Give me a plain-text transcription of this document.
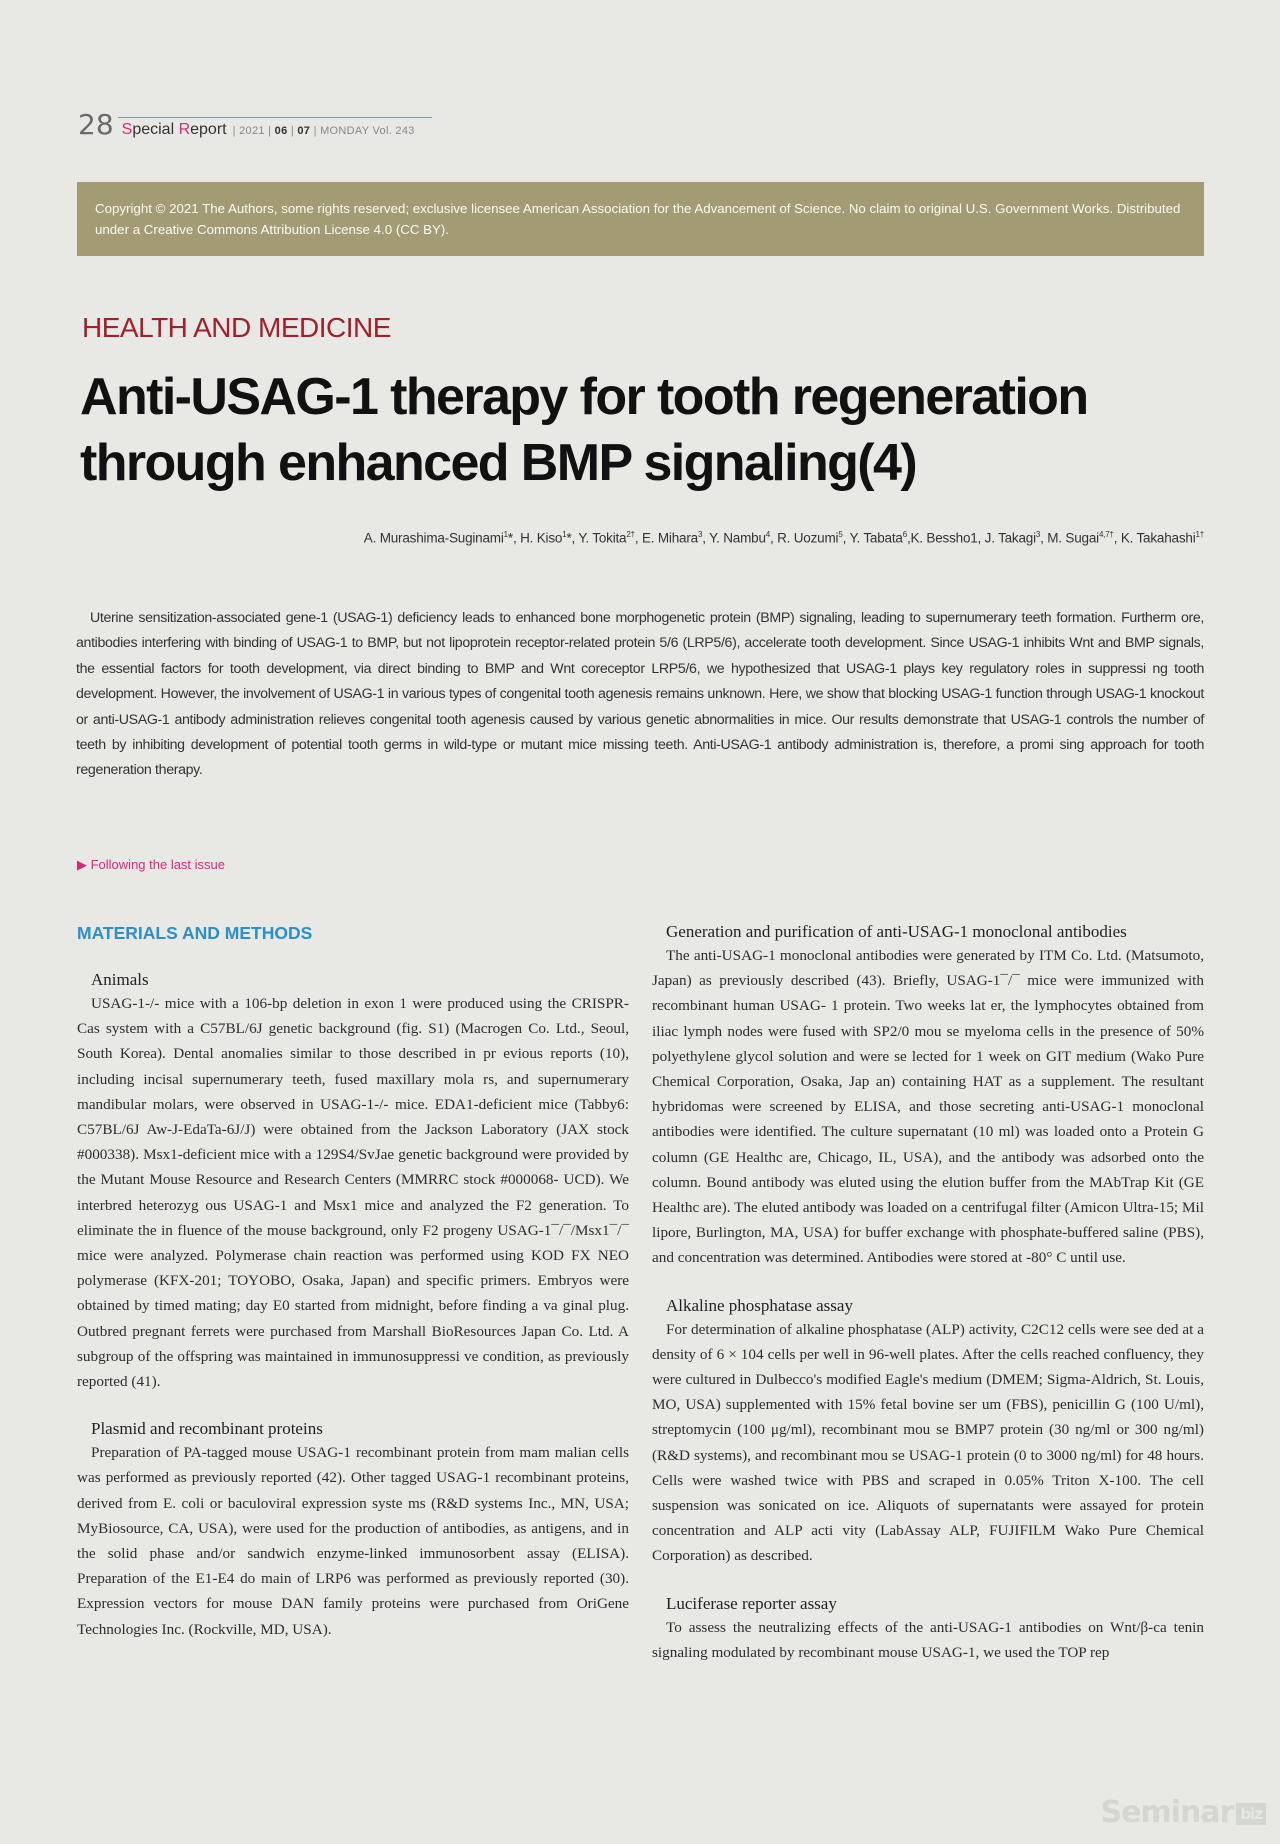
28 Special Report | 2021 | 06 | 07 | MONDAY Vol. 243
Copyright © 2021 The Authors, some rights reserved; exclusive licensee American Association for the Advancement of Science. No claim to original U.S. Government Works. Distributed under a Creative Commons Attribution License 4.0 (CC BY).
HEALTH AND MEDICINE
Anti-USAG-1 therapy for tooth regeneration through enhanced BMP signaling(4)
A. Murashima-Suginami$^1$*, H. Kiso$^1$*, Y. Tokita$^{2\dagger}$, E. Mihara$^3$, Y. Nambu$^4$, R. Uozumi$^5$, Y. Tabata$^6$,K. Bessho1, J. Takagi$^3$, M. Sugai$^{4,7\dagger}$, K. Takahashi$^{1\dagger}$
Uterine sensitization-associated gene-1 (USAG-1) deficiency leads to enhanced bone morphogenetic protein (BMP) signaling, leading to supernumerary teeth formation. Furtherm ore, antibodies interfering with binding of USAG-1 to BMP, but not lipoprotein receptor-related protein 5/6 (LRP5/6), accelerate tooth development. Since USAG-1 inhibits Wnt and BMP signals, the essential factors for tooth development, via direct binding to BMP and Wnt coreceptor LRP5/6, we hypothesized that USAG-1 plays key regulatory roles in suppressi ng tooth development. However, the involvement of USAG-1 in various types of congenital tooth agenesis remains unknown. Here, we show that blocking USAG-1 function through USAG-1 knockout or anti-USAG-1 antibody administration relieves congenital tooth agenesis caused by various genetic abnormalities in mice. Our results demonstrate that USAG-1 controls the number of teeth by inhibiting development of potential tooth germs in wild-type or mutant mice missing teeth. Anti-USAG-1 antibody administration is, therefore, a promi sing approach for tooth regeneration therapy.
▶ Following the last issue
MATERIALS AND METHODS
Animals
USAG-1-/- mice with a 106-bp deletion in exon 1 were produced using the CRISPR-Cas system with a C57BL/6J genetic background (fig. S1) (Macrogen Co. Ltd., Seoul, South Korea). Dental anomalies similar to those described in pr evious reports (10), including incisal supernumerary teeth, fused maxillary mola rs, and supernumerary mandibular molars, were observed in USAG-1-/- mice. EDA1-deficient mice (Tabby6: C57BL/6J Aw-J-EdaTa-6J/J) were obtained from the Jackson Laboratory (JAX stock #000338). Msx1-deficient mice with a 129S4/SvJae genetic background were provided by the Mutant Mouse Resource and Research Centers (MMRRC stock #000068- UCD). We interbred heterozyg ous USAG-1 and Msx1 mice and analyzed the F2 generation. To eliminate the in fluence of the mouse background, only F2 progeny USAG-1¯/¯/Msx1¯/¯ mice were analyzed. Polymerase chain reaction was performed using KOD FX NEO polymerase (KFX-201; TOYOBO, Osaka, Japan) and specific primers. Embryos were obtained by timed mating; day E0 started from midnight, before finding a va ginal plug. Outbred pregnant ferrets were purchased from Marshall BioResources Japan Co. Ltd. A subgroup of the offspring was maintained in immunosuppressi ve condition, as previously reported (41).
Plasmid and recombinant proteins
Preparation of PA-tagged mouse USAG-1 recombinant protein from mam malian cells was performed as previously reported (42). Other tagged USAG-1 recombinant proteins, derived from E. coli or baculoviral expression syste ms (R&D systems Inc., MN, USA; MyBiosource, CA, USA), were used for the production of antibodies, as antigens, and in the solid phase and/or sandwich enzyme-linked immunosorbent assay (ELISA). Preparation of the E1-E4 do main of LRP6 was performed as previously reported (30). Expression vectors for mouse DAN family proteins were purchased from OriGene Technologies Inc. (Rockville, MD, USA).
Generation and purification of anti-USAG-1 monoclonal antibodies
The anti-USAG-1 monoclonal antibodies were generated by ITM Co. Ltd. (Matsumoto, Japan) as previously described (43). Briefly, USAG-1¯/¯ mice were immunized with recombinant human USAG- 1 protein. Two weeks lat er, the lymphocytes obtained from iliac lymph nodes were fused with SP2/0 mou se myeloma cells in the presence of 50% polyethylene glycol solution and were se lected for 1 week on GIT medium (Wako Pure Chemical Corporation, Osaka, Jap an) containing HAT as a supplement. The resultant hybridomas were screened by ELISA, and those secreting anti-USAG-1 monoclonal antibodies were identified. The culture supernatant (10 ml) was loaded onto a Protein G column (GE Healthc are, Chicago, IL, USA), and the antibody was adsorbed onto the column. Bound antibody was eluted using the elution buffer from the MAbTrap Kit (GE Healthc are). The eluted antibody was loaded on a centrifugal filter (Amicon Ultra-15; Mil lipore, Burlington, MA, USA) for buffer exchange with phosphate-buffered saline (PBS), and concentration was determined. Antibodies were stored at -80° C until use.
Alkaline phosphatase assay
For determination of alkaline phosphatase (ALP) activity, C2C12 cells were see ded at a density of 6 × 104 cells per well in 96-well plates. After the cells reached confluency, they were cultured in Dulbecco's modified Eagle's medium (DMEM; Sigma-Aldrich, St. Louis, MO, USA) supplemented with 15% fetal bovine ser um (FBS), penicillin G (100 U/ml), streptomycin (100 μg/ml), recombinant mou se BMP7 protein (30 ng/ml or 300 ng/ml) (R&D systems), and recombinant mou se USAG-1 protein (0 to 3000 ng/ml) for 48 hours. Cells were washed twice with PBS and scraped in 0.05% Triton X-100. The cell suspension was sonicated on ice. Aliquots of supernatants were assayed for protein concentration and ALP acti vity (LabAssay ALP, FUJIFILM Wako Pure Chemical Corporation) as described.
Luciferase reporter assay
To assess the neutralizing effects of the anti-USAG-1 antibodies on Wnt/β-ca tenin signaling modulated by recombinant mouse USAG-1, we used the TOP rep
Seminar biz
